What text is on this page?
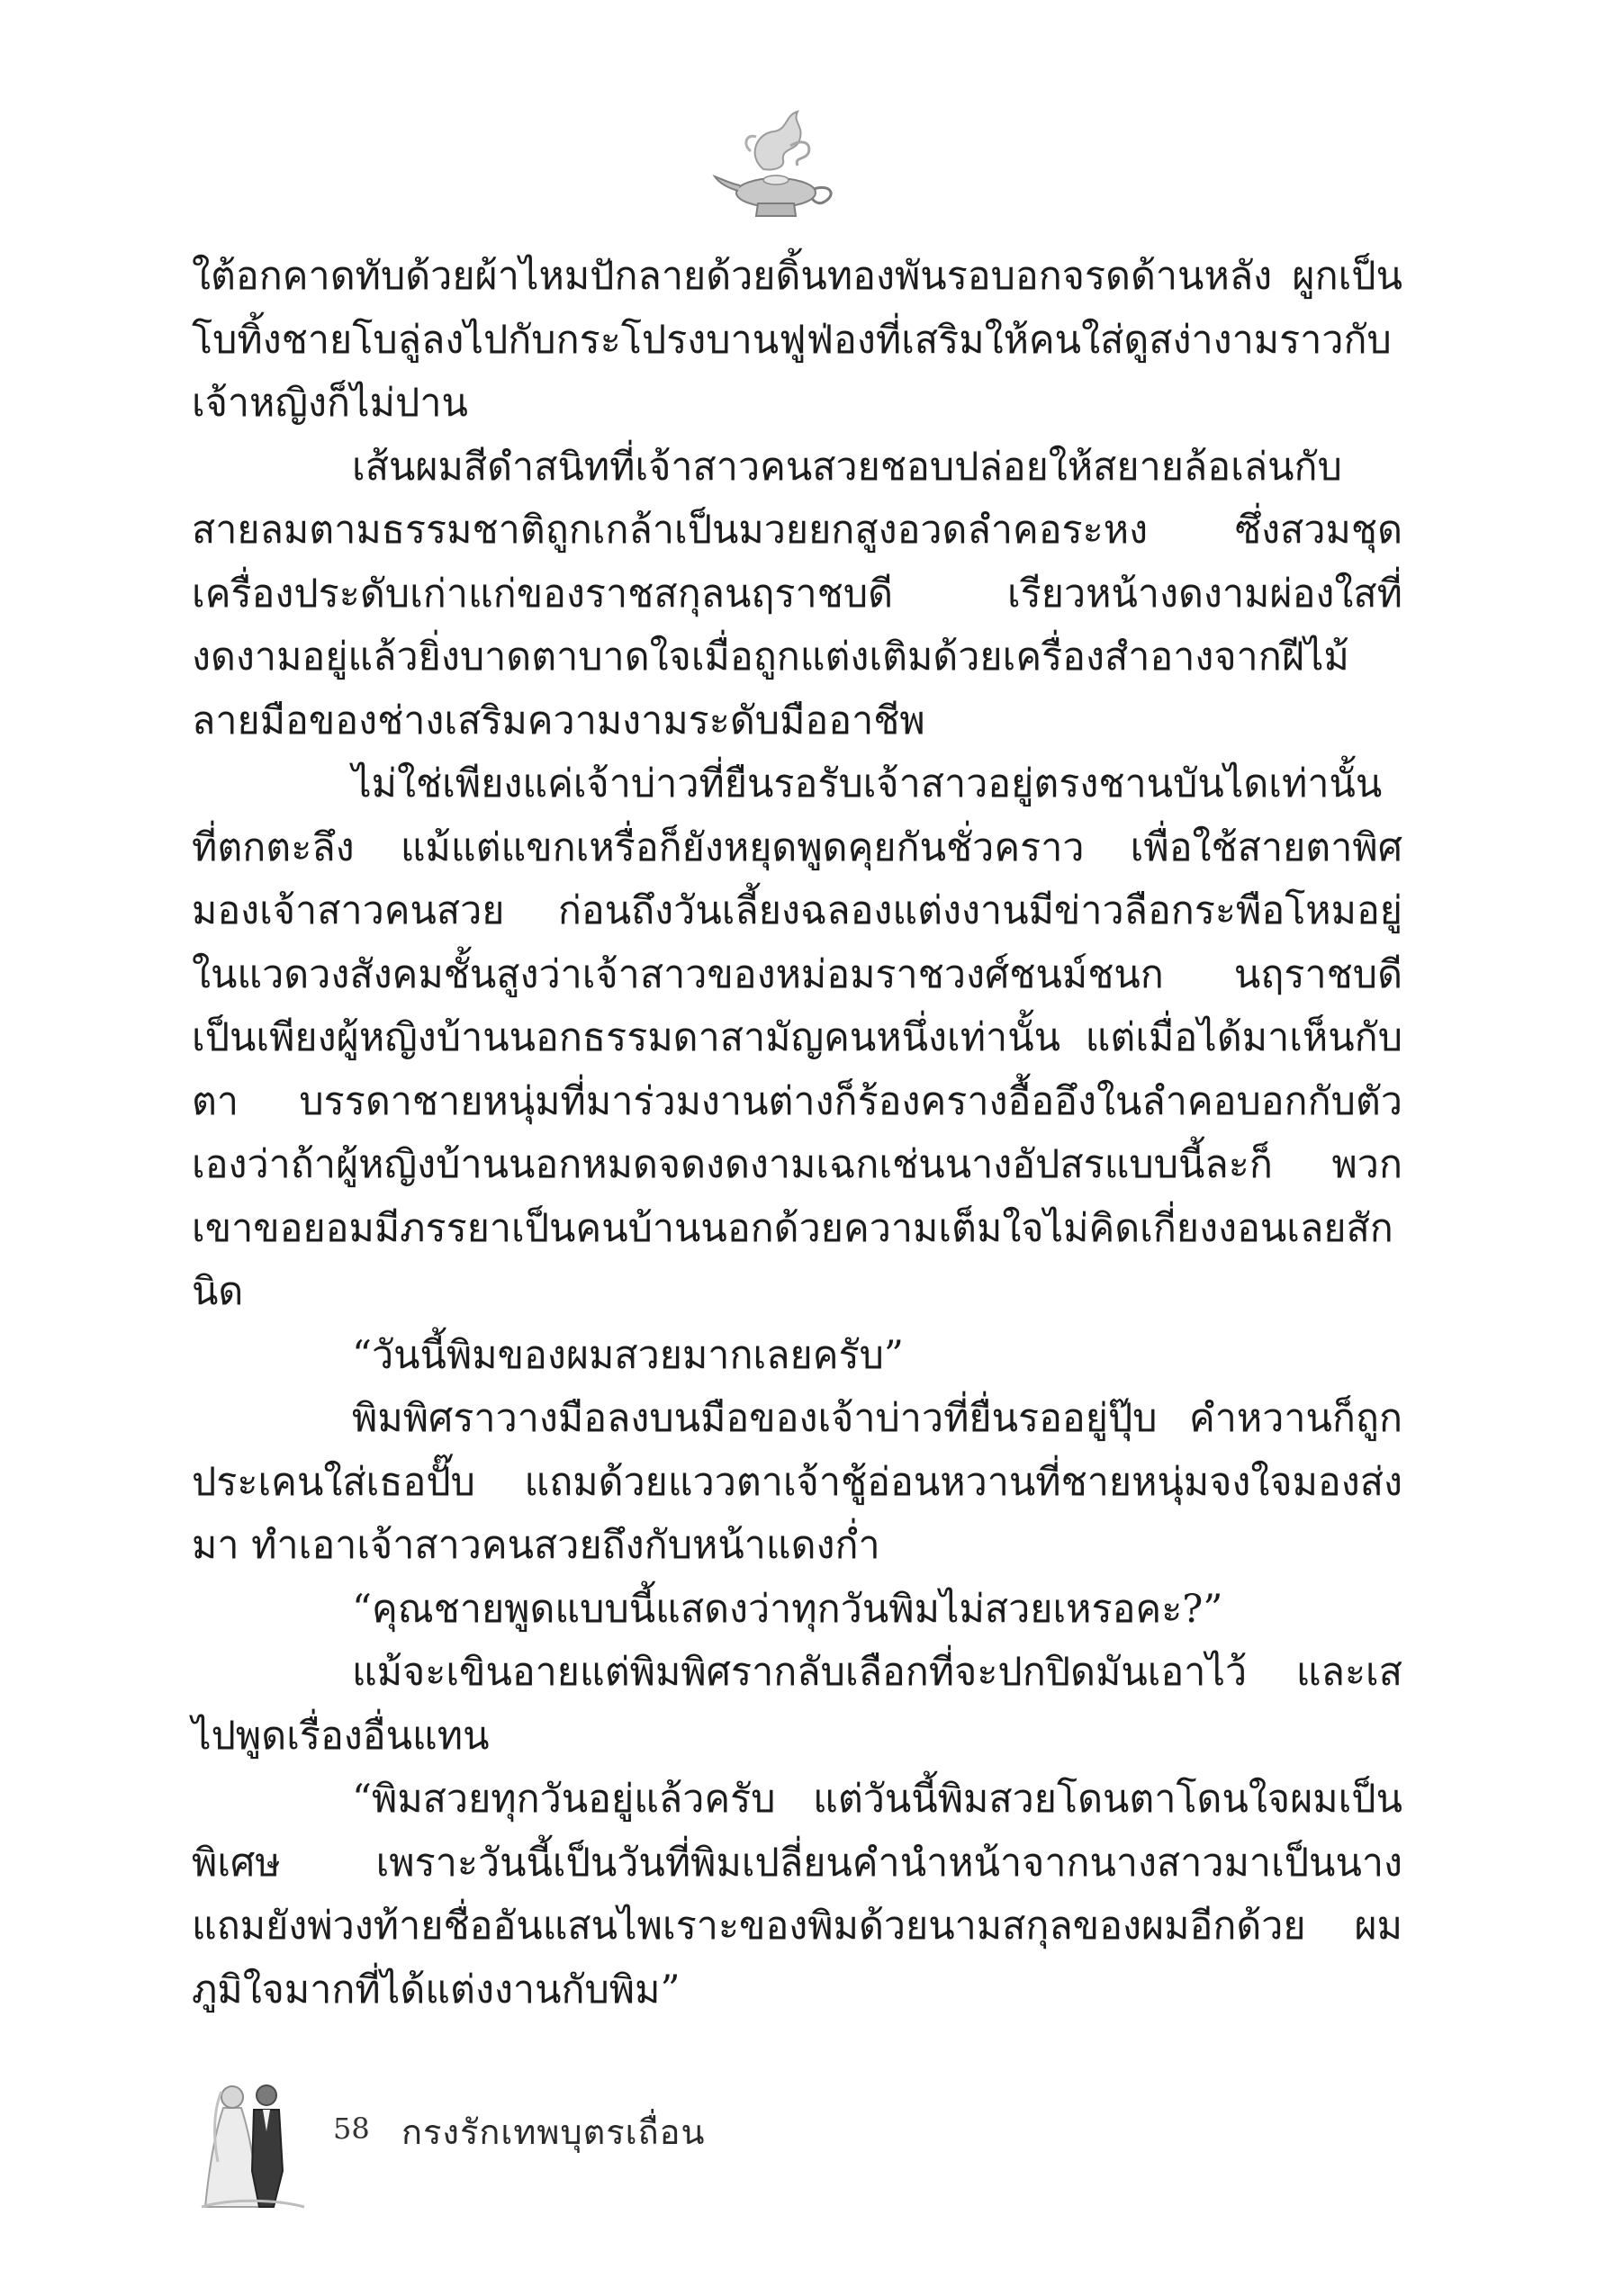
ใต้อกคาดทับด้วยผ้าไหมปักลายด้วยดิ้นทองพันรอบอกจรดด้านหลัง ผูกเป็นโบทิ้งชายโบลู่ลงไปกับกระโปรงบานฟูฟ่องที่เสริมให้คนใส่ดูสง่างามราวกับเจ้าหญิงก็ไม่ปาน

เส้นผมสีดำสนิทที่เจ้าสาวคนสวยชอบปล่อยให้สยายล้อเล่นกับสายลมตามธรรมชาติถูกเกล้าเป็นมวยยกสูงอวดลำคอระหง ซึ่งสวมชุดเครื่องประดับเก่าแก่ของราชสกุลนฤราชบดี เรียวหน้างดงามผ่องใสที่งดงามอยู่แล้วยิ่งบาดตาบาดใจเมื่อถูกแต่งเติมด้วยเครื่องสำอางจากฝีไม้ลายมือของช่างเสริมความงามระดับมืออาชีพ

ไม่ใช่เพียงแค่เจ้าบ่าวที่ยืนรอรับเจ้าสาวอยู่ตรงชานบันไดเท่านั้นที่ตกตะลึง แม้แต่แขกเหรื่อก็ยังหยุดพูดคุยกันชั่วคราว เพื่อใช้สายตาพิศมองเจ้าสาวคนสวย ก่อนถึงวันเลี้ยงฉลองแต่งงานมีข่าวลือกระพือโหมอยู่ในแวดวงสังคมชั้นสูงว่าเจ้าสาวของหม่อมราชวงศ์ชนม์ชนก นฤราชบดีเป็นเพียงผู้หญิงบ้านนอกธรรมดาสามัญคนหนึ่งเท่านั้น แต่เมื่อได้มาเห็นกับตา บรรดาชายหนุ่มที่มาร่วมงานต่างก็ร้องครางอื้ออึงในลำคอบอกกับตัวเองว่าถ้าผู้หญิงบ้านนอกหมดจดงดงามเฉกเช่นนางอัปสรแบบนี้ละก็ พวกเขาขอยอมมีภรรยาเป็นคนบ้านนอกด้วยความเต็มใจไม่คิดเกี่ยงงอนเลยสักนิด

“วันนี้พิมของผมสวยมากเลยครับ”

พิมพิศราวางมือลงบนมือของเจ้าบ่าวที่ยื่นรออยู่ปุ๊บ คำหวานก็ถูกประเคนใส่เธอปั๊บ แถมด้วยแววตาเจ้าชู้อ่อนหวานที่ชายหนุ่มจงใจมองส่งมา ทำเอาเจ้าสาวคนสวยถึงกับหน้าแดงก่ำ

“คุณชายพูดแบบนี้แสดงว่าทุกวันพิมไม่สวยเหรอคะ?”

แม้จะเขินอายแต่พิมพิศรากลับเลือกที่จะปกปิดมันเอาไว้ และเสไปพูดเรื่องอื่นแทน

“พิมสวยทุกวันอยู่แล้วครับ แต่วันนี้พิมสวยโดนตาโดนใจผมเป็นพิเศษ เพราะวันนี้เป็นวันที่พิมเปลี่ยนคำนำหน้าจากนางสาวมาเป็นนาง แถมยังพ่วงท้ายชื่ออันแสนไพเราะของพิมด้วยนามสกุลของผมอีกด้วย ผมภูมิใจมากที่ได้แต่งงานกับพิม”

58 กรงรักเทพบุตรเถื่อน
